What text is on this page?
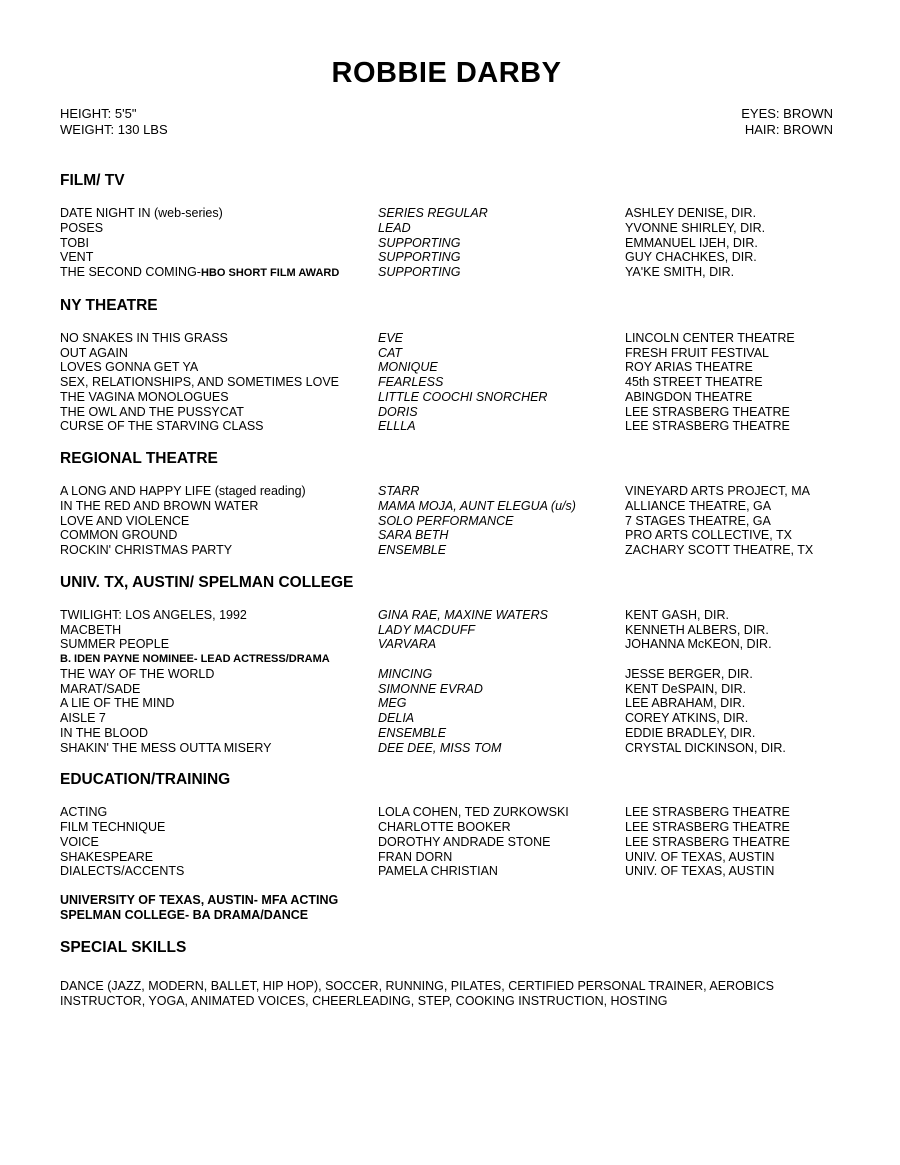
ROBBIE DARBY
HEIGHT: 5'5"
WEIGHT: 130 LBS
EYES: BROWN
HAIR: BROWN
FILM/ TV
DATE NIGHT IN (web-series)	SERIES REGULAR	ASHLEY DENISE, DIR.
POSES	LEAD	YVONNE SHIRLEY, DIR.
TOBI	SUPPORTING	EMMANUEL IJEH, DIR.
VENT	SUPPORTING	GUY CHACHKES, DIR.
THE SECOND COMING-HBO SHORT FILM AWARD	SUPPORTING	YA'KE SMITH, DIR.
NY THEATRE
NO SNAKES IN THIS GRASS	EVE	LINCOLN CENTER THEATRE
OUT AGAIN	CAT	FRESH FRUIT FESTIVAL
LOVES GONNA GET YA	MONIQUE	ROY ARIAS THEATRE
SEX, RELATIONSHIPS, AND SOMETIMES LOVE	FEARLESS	45th STREET THEATRE
THE VAGINA MONOLOGUES	LITTLE COOCHI SNORCHER	ABINGDON THEATRE
THE OWL AND THE PUSSYCAT	DORIS	LEE STRASBERG THEATRE
CURSE OF THE STARVING CLASS	ELLLA	LEE STRASBERG THEATRE
REGIONAL THEATRE
A LONG AND HAPPY LIFE (staged reading)	STARR	VINEYARD ARTS PROJECT, MA
IN THE RED AND BROWN WATER	MAMA MOJA, AUNT ELEGUA (u/s)	ALLIANCE THEATRE, GA
LOVE AND VIOLENCE	SOLO PERFORMANCE	7 STAGES THEATRE, GA
COMMON GROUND	SARA BETH	PRO ARTS COLLECTIVE, TX
ROCKIN' CHRISTMAS PARTY	ENSEMBLE	ZACHARY SCOTT THEATRE, TX
UNIV. TX, AUSTIN/ SPELMAN COLLEGE
TWILIGHT: LOS ANGELES, 1992	GINA RAE, MAXINE WATERS	KENT GASH, DIR.
MACBETH	LADY MACDUFF	KENNETH ALBERS, DIR.
SUMMER PEOPLE	VARVARA	JOHANNA McKEON, DIR.
B. IDEN PAYNE NOMINEE- LEAD ACTRESS/DRAMA
THE WAY OF THE WORLD	MINCING	JESSE BERGER, DIR.
MARAT/SADE	SIMONNE EVRAD	KENT DeSPAIN, DIR.
A LIE OF THE MIND	MEG	LEE ABRAHAM, DIR.
AISLE 7	DELIA	COREY ATKINS, DIR.
IN THE BLOOD	ENSEMBLE	EDDIE BRADLEY, DIR.
SHAKIN' THE MESS OUTTA MISERY	DEE DEE, MISS TOM	CRYSTAL DICKINSON, DIR.
EDUCATION/TRAINING
ACTING	LOLA COHEN, TED ZURKOWSKI	LEE STRASBERG THEATRE
FILM TECHNIQUE	CHARLOTTE BOOKER	LEE STRASBERG THEATRE
VOICE	DOROTHY ANDRADE STONE	LEE STRASBERG THEATRE
SHAKESPEARE	FRAN DORN	UNIV. OF TEXAS, AUSTIN
DIALECTS/ACCENTS	PAMELA CHRISTIAN	UNIV. OF TEXAS, AUSTIN
UNIVERSITY OF TEXAS, AUSTIN- MFA ACTING
SPELMAN COLLEGE- BA DRAMA/DANCE
SPECIAL SKILLS

DANCE (JAZZ, MODERN, BALLET, HIP HOP), SOCCER, RUNNING, PILATES, CERTIFIED PERSONAL TRAINER, AEROBICS INSTRUCTOR, YOGA, ANIMATED VOICES, CHEERLEADING, STEP, COOKING INSTRUCTION, HOSTING
